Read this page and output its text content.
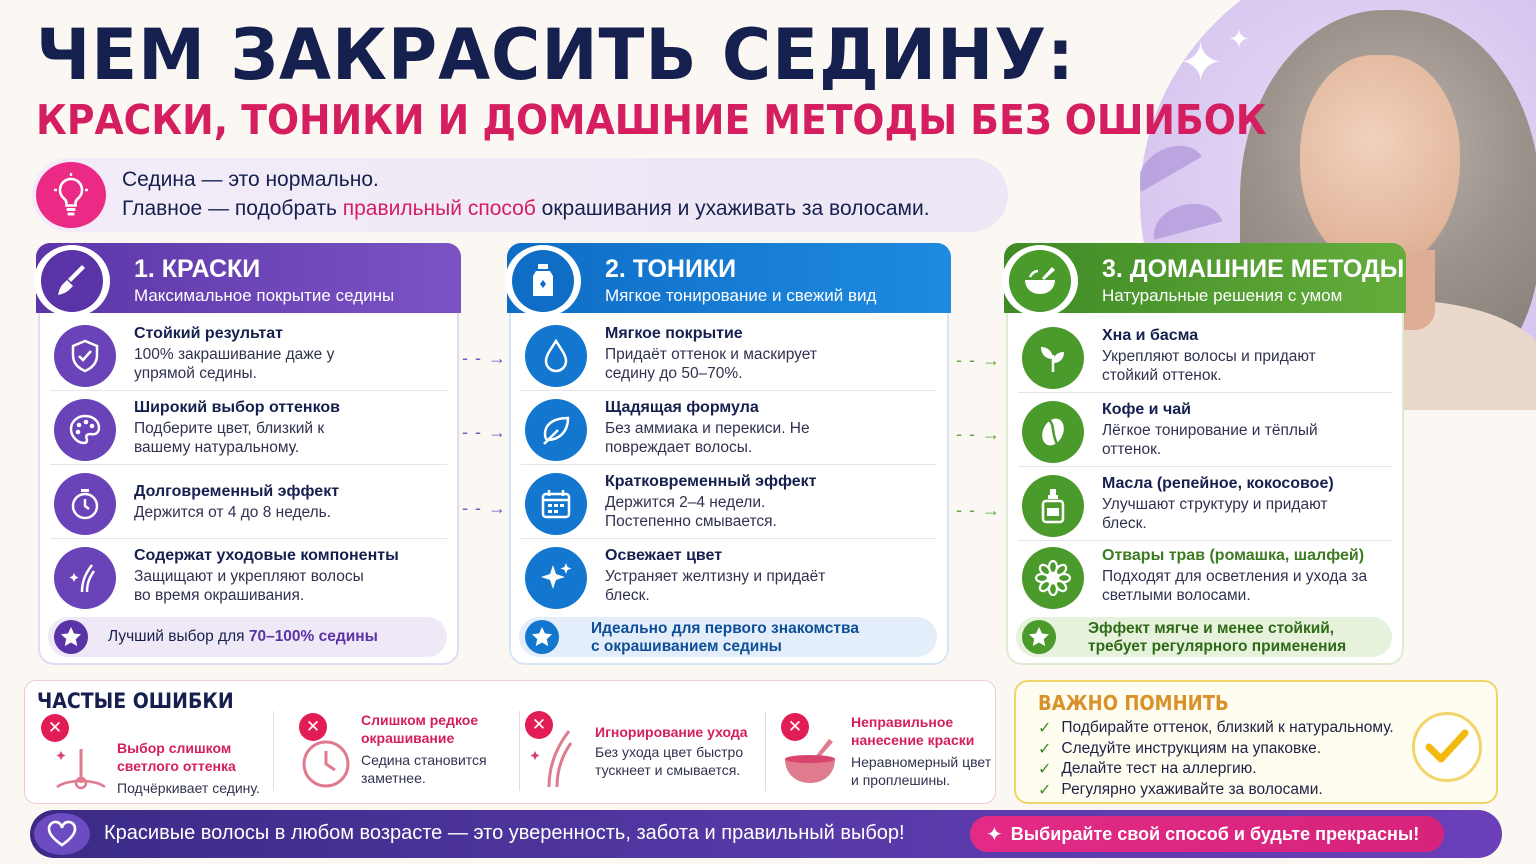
✦ ✦
ЧЕМ ЗАКРАСИТЬ СЕДИНУ:
КРАСКИ, ТОНИКИ И ДОМАШНИЕ МЕТОДЫ БЕЗ ОШИБОК
Седина — это нормально.
Главное — подобрать правильный способ окрашивания и ухаживать за волосами.
1. КРАСКИ
Максимальное покрытие седины
Стойкий результат
100% закрашивание даже у упрямой седины.
Широкий выбор оттенков
Подберите цвет, близкий к вашему натуральному.
Долговременный эффект
Держится от 4 до 8 недель.
Содержат уходовые компоненты
Защищают и укрепляют волосы во время окрашивания.
Лучший выбор для 70–100% седины
- - →
- - →
- - →
2. ТОНИКИ
Мягкое тонирование и свежий вид
Мягкое покрытие
Придаёт оттенок и маскирует седину до 50–70%.
Щадящая формула
Без аммиака и перекиси. Не повреждает волосы.
Кратковременный эффект
Держится 2–4 недели. Постепенно смывается.
Освежает цвет
Устраняет желтизну и придаёт блеск.
Идеально для первого знакомства
с окрашиванием седины
- - →
- - →
- - →
3. ДОМАШНИЕ МЕТОДЫ
Натуральные решения с умом
Хна и басма
Укрепляют волосы и придают стойкий оттенок.
Кофе и чай
Лёгкое тонирование и тёплый оттенок.
Масла (репейное, кокосовое)
Улучшают структуру и придают блеск.
Отвары трав (ромашка, шалфей)
Подходят для осветления и ухода за светлыми волосами.
Эффект мягче и менее стойкий,
требует регулярного применения
ЧАСТЫЕ ОШИБКИ
✕
Выбор слишком
светлого оттенка
Подчёркивает седину.
✕	Слишком редкое
окрашивание
Седина становится
заметнее.
✕	Игнорирование ухода
Без ухода цвет быстро
тускнеет и смывается.
✕	Неправильное
нанесение краски
Неравномерный цвет
и проплешины.
ВАЖНО ПОМНИТЬ
✓ Подбирайте оттенок, близкий к натуральному.
✓ Следуйте инструкциям на упаковке.
✓ Делайте тест на аллергию.
✓ Регулярно ухаживайте за волосами.
Красивые волосы в любом возрасте — это уверенность, забота и правильный выбор!	✦ Выбирайте свой способ и будьте прекрасны!
